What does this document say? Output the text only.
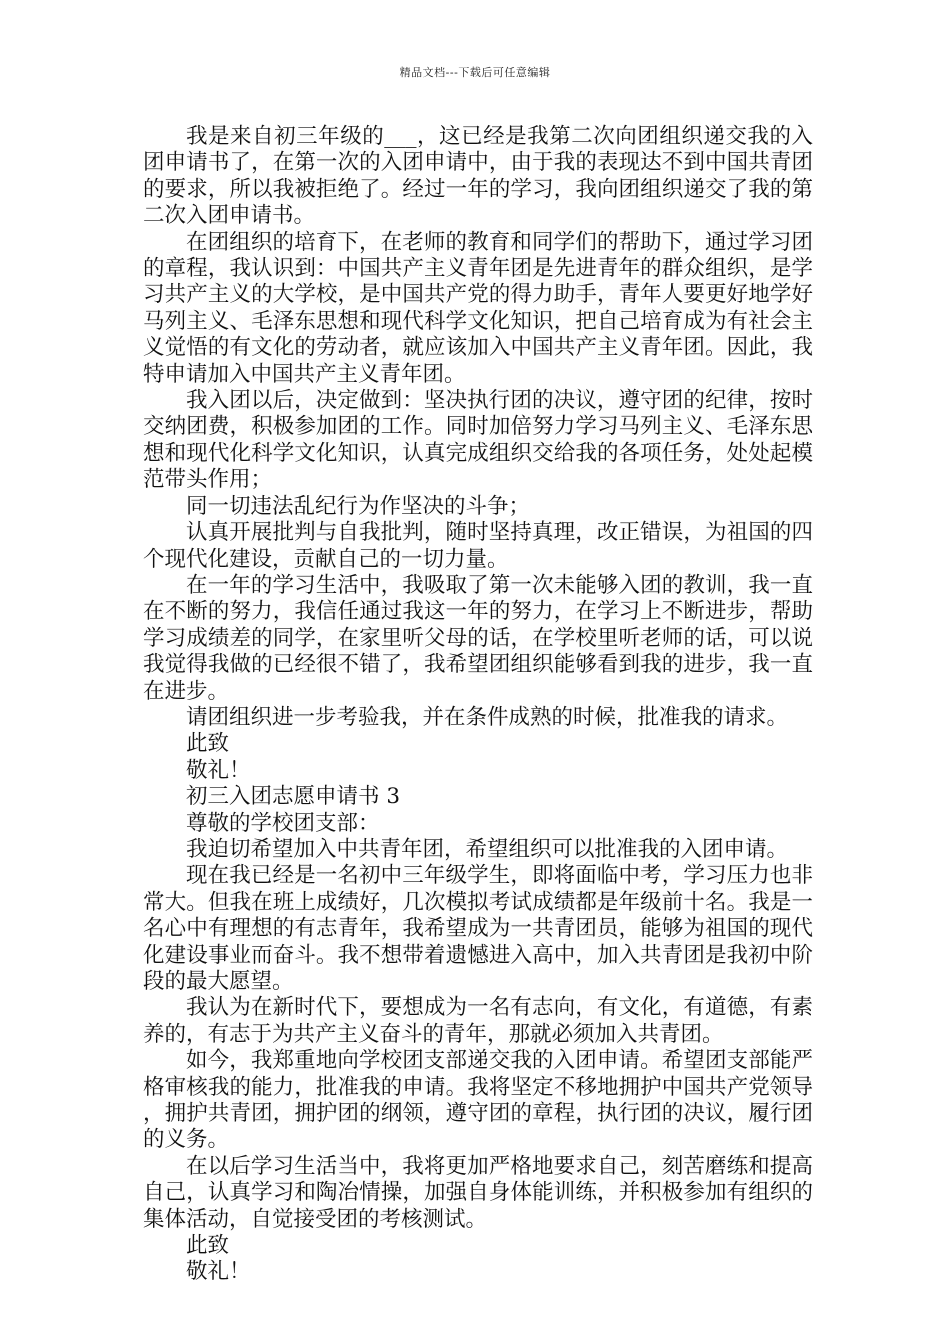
精品文档---下载后可任意编辑

我是来自初三年级的___，这已经是我第二次向团组织递交我的入团申请书了，在第一次的入团申请中，由于我的表现达不到中国共青团的要求，所以我被拒绝了。经过一年的学习，我向团组织递交了我的第二次入团申请书。

在团组织的培育下，在老师的教育和同学们的帮助下，通过学习团的章程，我认识到：中国共产主义青年团是先进青年的群众组织，是学习共产主义的大学校，是中国共产党的得力助手，青年人要更好地学好马列主义、毛泽东思想和现代科学文化知识，把自己培育成为有社会主义觉悟的有文化的劳动者，就应该加入中国共产主义青年团。因此，我特申请加入中国共产主义青年团。

我入团以后，决定做到：坚决执行团的决议，遵守团的纪律，按时交纳团费，积极参加团的工作。同时加倍努力学习马列主义、毛泽东思想和现代化科学文化知识，认真完成组织交给我的各项任务，处处起模范带头作用；

同一切违法乱纪行为作坚决的斗争；

认真开展批判与自我批判，随时坚持真理，改正错误，为祖国的四个现代化建设，贡献自己的一切力量。

在一年的学习生活中，我吸取了第一次未能够入团的教训，我一直在不断的努力，我信任通过我这一年的努力，在学习上不断进步，帮助学习成绩差的同学，在家里听父母的话，在学校里听老师的话，可以说我觉得我做的已经很不错了，我希望团组织能够看到我的进步，我一直在进步。

请团组织进一步考验我，并在条件成熟的时候，批准我的请求。

此致

敬礼！

初三入团志愿申请书 3

尊敬的学校团支部：

我迫切希望加入中共青年团，希望组织可以批准我的入团申请。

现在我已经是一名初中三年级学生，即将面临中考，学习压力也非常大。但我在班上成绩好，几次模拟考试成绩都是年级前十名。我是一名心中有理想的有志青年，我希望成为一共青团员，能够为祖国的现代化建设事业而奋斗。我不想带着遗憾进入高中，加入共青团是我初中阶段的最大愿望。

我认为在新时代下，要想成为一名有志向，有文化，有道德，有素养的，有志于为共产主义奋斗的青年，那就必须加入共青团。

如今，我郑重地向学校团支部递交我的入团申请。希望团支部能严格审核我的能力，批准我的申请。我将坚定不移地拥护中国共产党领导 ，拥护共青团，拥护团的纲领，遵守团的章程，执行团的决议，履行团的义务。

在以后学习生活当中，我将更加严格地要求自己，刻苦磨练和提高自己，认真学习和陶冶情操，加强自身体能训练，并积极参加有组织的集体活动，自觉接受团的考核测试。

此致

敬礼！
